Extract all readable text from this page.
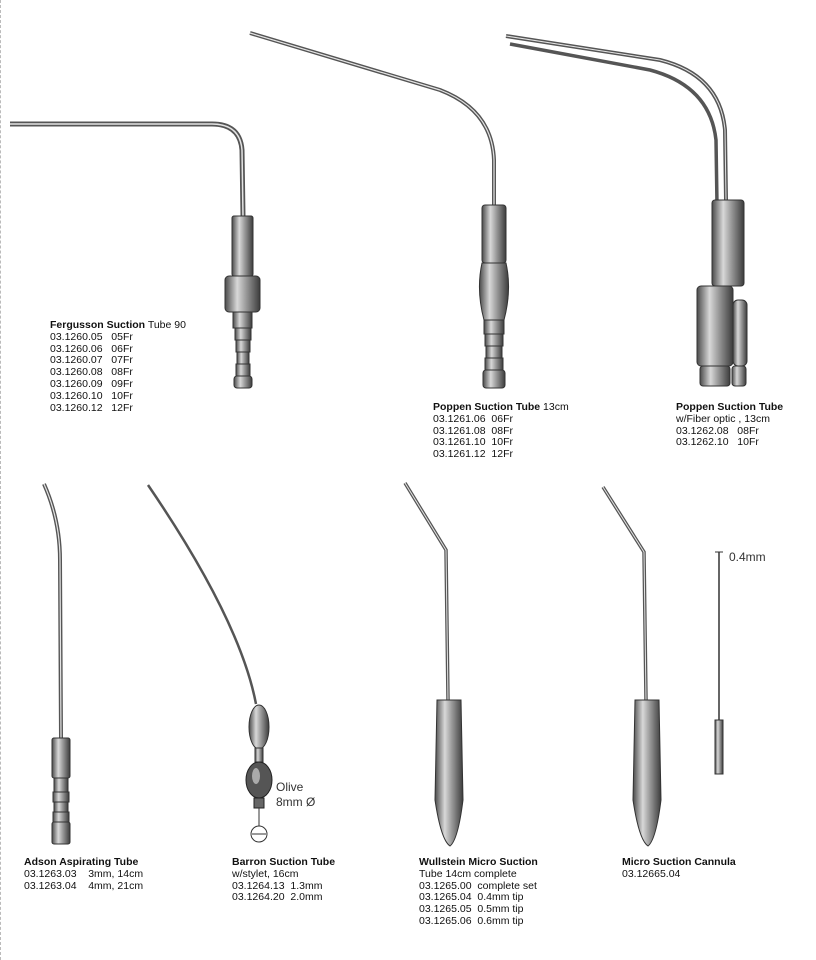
Olive
8mm Ø
0.4mm
Fergusson Suction Tube 90
03.1260.05   05Fr
03.1260.06   06Fr
03.1260.07   07Fr
03.1260.08   08Fr
03.1260.09   09Fr
03.1260.10   10Fr
03.1260.12   12Fr	Poppen Suction Tube 13cm
03.1261.06  06Fr
03.1261.08  08Fr
03.1261.10  10Fr
03.1261.12  12Fr
Poppen Suction Tube
w/Fiber optic , 13cm
03.1262.08   08Fr
03.1262.10   10Fr
Adson Aspirating Tube
03.1263.03    3mm, 14cm
03.1263.04    4mm, 21cm
Barron Suction Tube
w/stylet, 16cm
03.1264.13  1.3mm
03.1264.20  2.0mm
Wullstein Micro Suction
Tube 14cm complete
03.1265.00  complete set
03.1265.04  0.4mm tip
03.1265.05  0.5mm tip
03.1265.06  0.6mm tip
Micro Suction Cannula
03.12665.04
